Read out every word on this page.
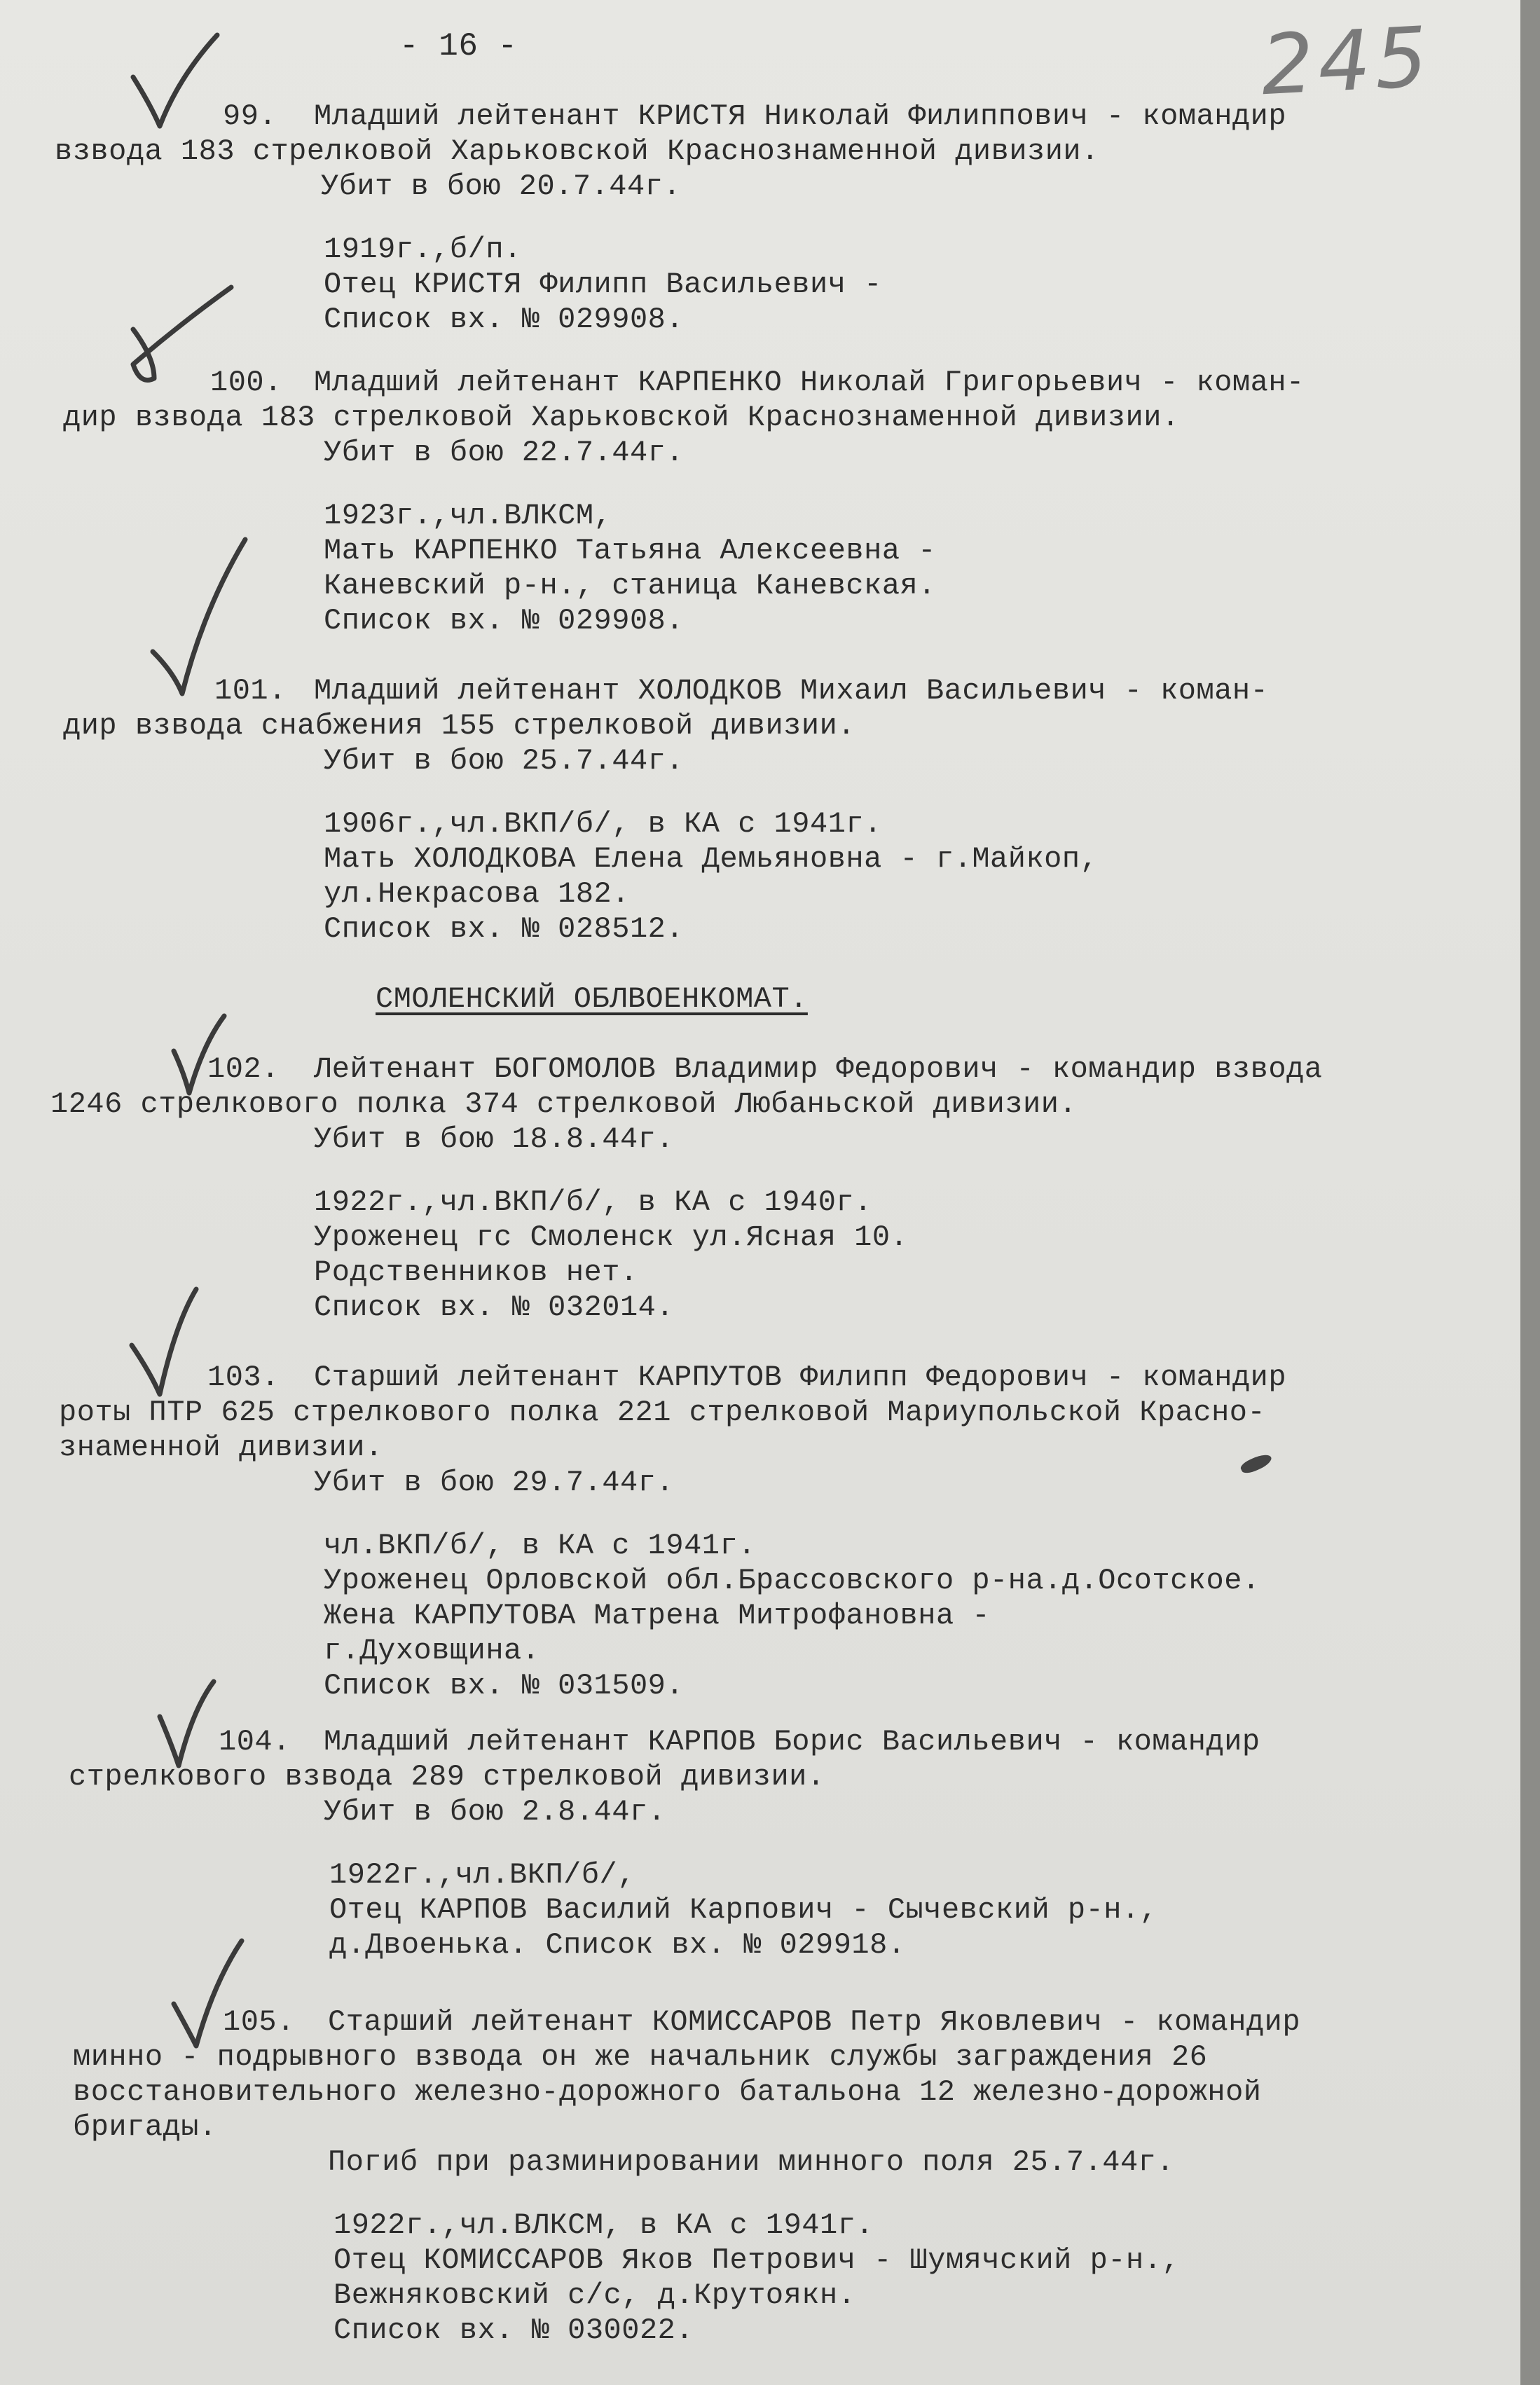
- 16 -	245
99. Младший лейтенант КРИСТЯ Николай Филиппович - командир
взвода 183 стрелковой Харьковской Краснознаменной дивизии.
Убит в бою 20.7.44г.
1919г.,б/п.
Отец КРИСТЯ Филипп Васильевич -
Список вх. № 029908.
100. Младший лейтенант КАРПЕНКО Николай Григорьевич - коман-
дир взвода 183 стрелковой Харьковской Краснознаменной дивизии.
Убит в бою 22.7.44г.
1923г.,чл.ВЛКСМ,
Мать КАРПЕНКО Татьяна Алексеевна -
Каневский р-н., станица Каневская.
Список вх. № 029908.
101. Младший лейтенант ХОЛОДКОВ Михаил Васильевич - коман-
дир взвода снабжения 155 стрелковой дивизии.
Убит в бою 25.7.44г.
1906г.,чл.ВКП/б/, в КА с 1941г.
Мать ХОЛОДКОВА Елена Демьяновна - г.Майкоп,
ул.Некрасова 182.
Список вх. № 028512.
СМОЛЕНСКИЙ ОБЛВОЕНКОМАТ.
102. Лейтенант БОГОМОЛОВ Владимир Федорович - командир взвода
1246 стрелкового полка 374 стрелковой Любаньской дивизии.
Убит в бою 18.8.44г.
1922г.,чл.ВКП/б/, в КА с 1940г.
Уроженец гс Смоленск ул.Ясная 10.
Родственников нет.
Список вх. № 032014.
103. Старший лейтенант КАРПУТОВ Филипп Федорович - командир
роты ПТР 625 стрелкового полка 221 стрелковой Мариупольской Красно-
знаменной дивизии.
Убит в бою 29.7.44г.
чл.ВКП/б/, в КА с 1941г.
Уроженец Орловской обл.Брассовского р-на.д.Осотское.
Жена КАРПУТОВА Матрена Митрофановна -
г.Духовщина.
Список вх. № 031509.
104. Младший лейтенант КАРПОВ Борис Васильевич - командир
стрелкового взвода 289 стрелковой дивизии.
Убит в бою 2.8.44г.
1922г.,чл.ВКП/б/,
Отец КАРПОВ Василий Карпович - Сычевский р-н.,
д.Двоенька. Список вх. № 029918.
105. Старший лейтенант КОМИССАРОВ Петр Яковлевич - командир
минно - подрывного взвода он же начальник службы заграждения 26
восстановительного железно-дорожного батальона 12 железно-дорожной
бригады.
Погиб при разминировании минного поля 25.7.44г.
1922г.,чл.ВЛКСМ, в КА с 1941г.
Отец КОМИССАРОВ Яков Петрович - Шумячский р-н.,
Вежняковский с/с, д.Крутоякн.
Список вх. № 030022.
